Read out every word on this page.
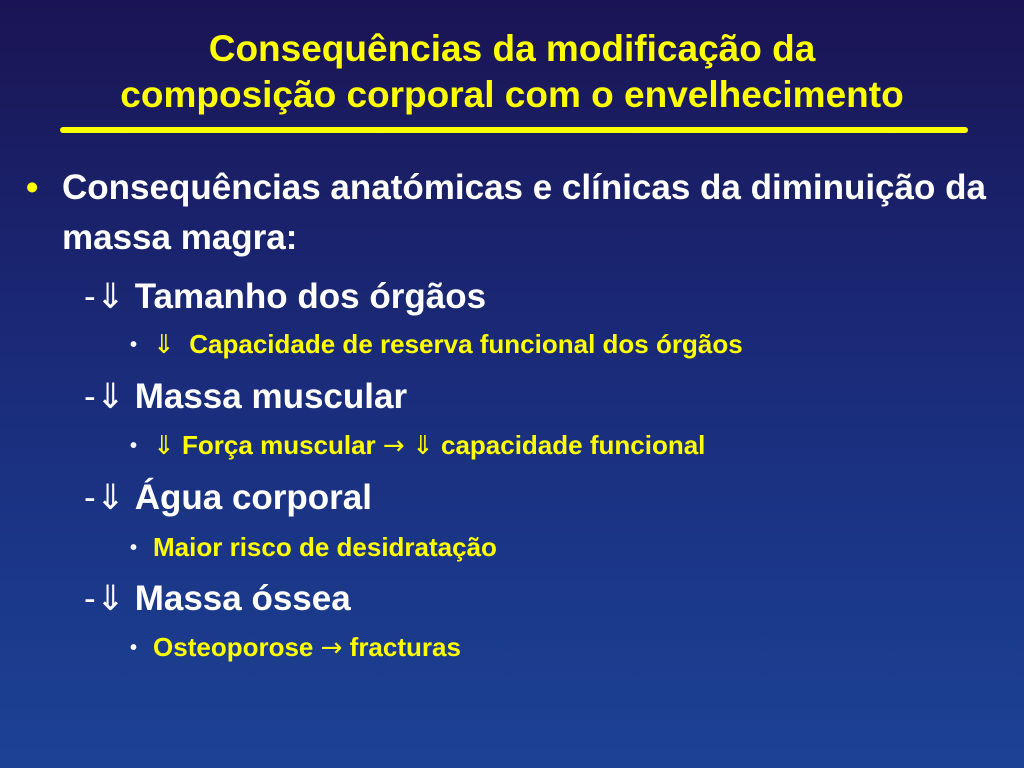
Consequências da modificação da
composição corporal com o envelhecimento
• Consequências anatómicas e clínicas da diminuição da massa magra:
-⇓ Tamanho dos órgãos
• ⇓ Capacidade de reserva funcional dos órgãos
-⇓ Massa muscular
• ⇓ Força muscular → ⇓ capacidade funcional
-⇓ Água corporal
• Maior risco de desidratação
-⇓ Massa óssea
• Osteoporose → fracturas
